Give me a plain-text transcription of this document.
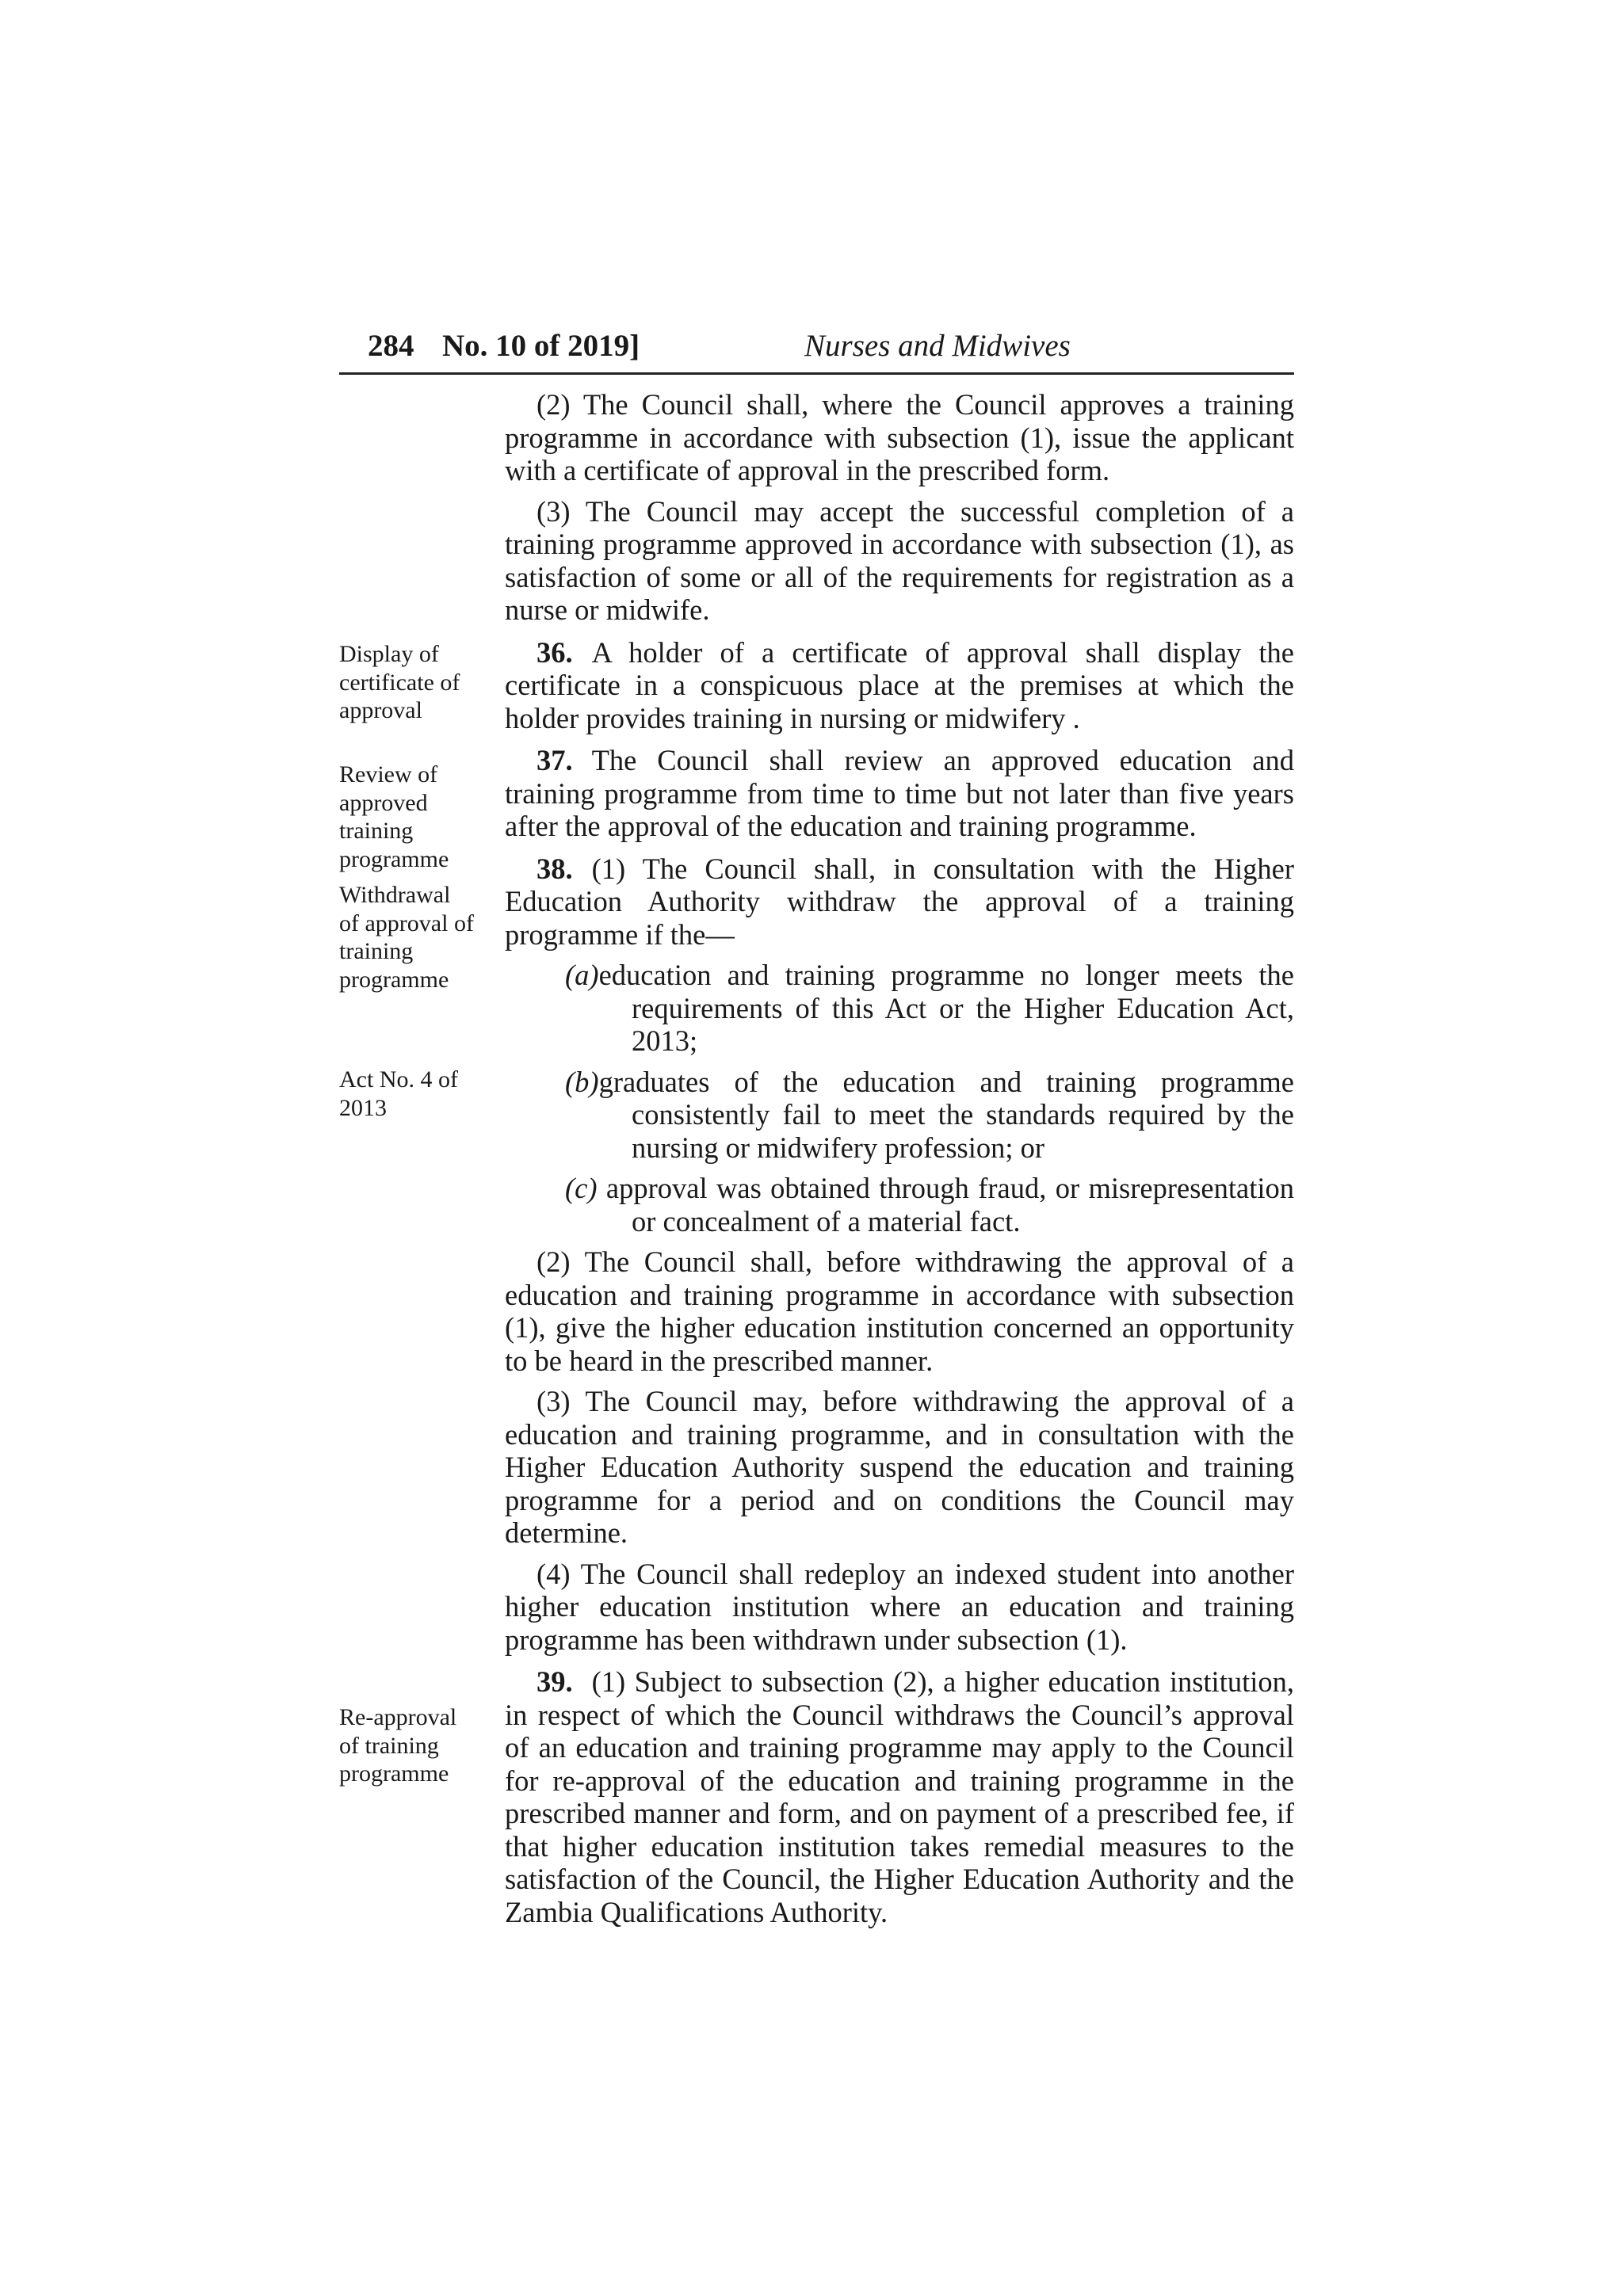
284 No. 10 of 2019]	Nurses and Midwives
Display of certificate of approval
Review of approved training programme
Withdrawal of approval of training programme
Act No. 4 of 2013
Re-approval of training programme

(2) The Council shall, where the Council approves a training programme in accordance with subsection (1), issue the applicant with a certificate of approval in the prescribed form.

(3) The Council may accept the successful completion of a training programme approved in accordance with subsection (1), as satisfaction of some or all of the requirements for registration as a nurse or midwife.

36. A holder of a certificate of approval shall display the certificate in a conspicuous place at the premises at which the holder provides training in nursing or midwifery .

37. The Council shall review an approved education and training programme from time to time but not later than five years after the approval of the education and training programme.

38. (1) The Council shall, in consultation with the Higher Education Authority withdraw the approval of a training programme if the—

(a)education and training programme no longer meets the requirements of this Act or the Higher Education Act, 2013;
(b)graduates of the education and training programme consistently fail to meet the standards required by the nursing or midwifery profession; or
(c) approval was obtained through fraud, or misrepresentation or concealment of a material fact.

(2) The Council shall, before withdrawing the approval of a education and training programme in accordance with subsection (1), give the higher education institution concerned an opportunity to be heard in the prescribed manner.

(3) The Council may, before withdrawing the approval of a education and training programme, and in consultation with the Higher Education Authority suspend the education and training programme for a period and on conditions the Council may determine.

(4) The Council shall redeploy an indexed student into another higher education institution where an education and training programme has been withdrawn under subsection (1).

39. (1) Subject to subsection (2), a higher education institution, in respect of which the Council withdraws the Council’s approval of an education and training programme may apply to the Council for re-approval of the education and training programme in the prescribed manner and form, and on payment of a prescribed fee, if that higher education institution takes remedial measures to the satisfaction of the Council, the Higher Education Authority and the Zambia Qualifications Authority.
